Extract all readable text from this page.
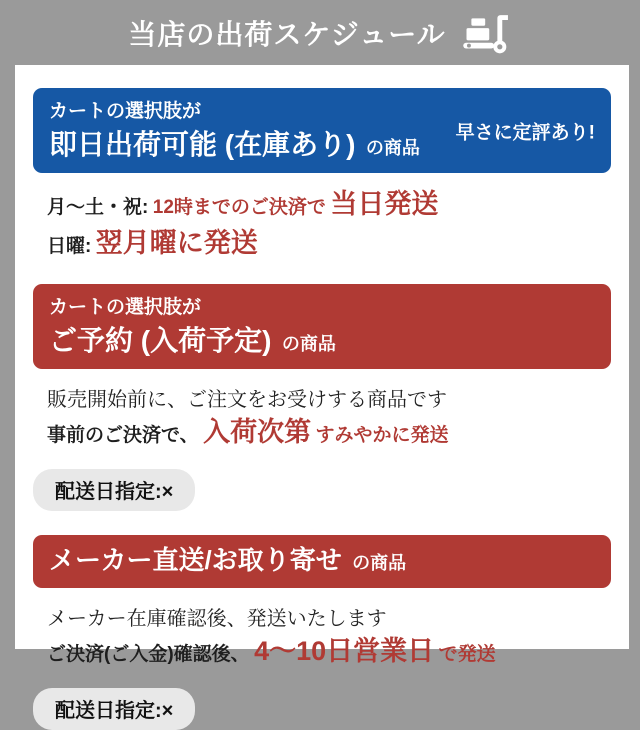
当店の出荷スケジュール
カートの選択肢が
即日出荷可能 (在庫あり) の商品
早さに定評あり!
月〜土・祝: 12時までのご決済で 当日発送
日曜: 翌月曜に発送
カートの選択肢が
ご予約 (入荷予定) の商品
販売開始前に、ご注文をお受けする商品です
事前のご決済で、 入荷次第 すみやかに発送
配送日指定:×
メーカー直送/お取り寄せ の商品
メーカー在庫確認後、発送いたします
ご決済(ご入金)確認後、 4〜10日営業日 で発送
配送日指定:×
